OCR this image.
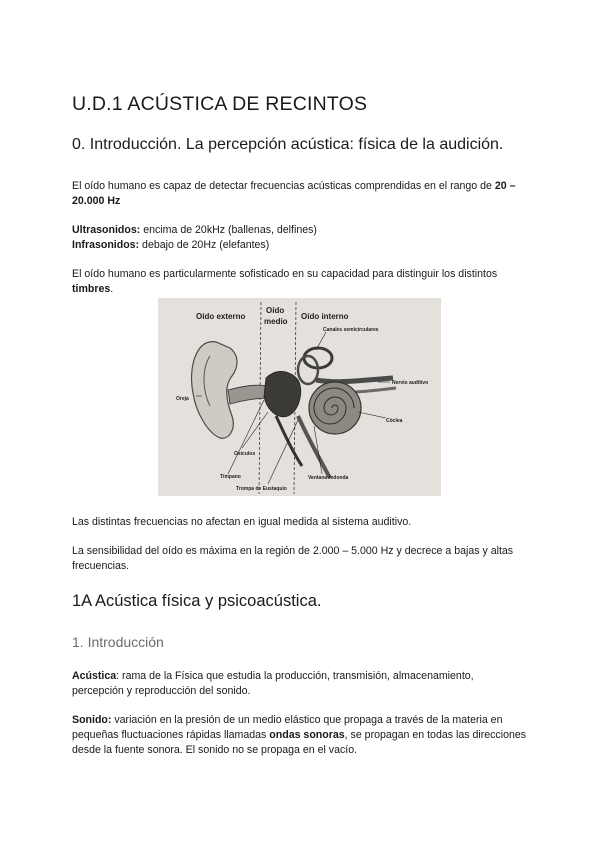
U.D.1 ACÚSTICA DE RECINTOS
0. Introducción. La percepción acústica: física de la audición.

El oído humano es capaz de detectar frecuencias acústicas comprendidas en el rango de 20 – 20.000 Hz

Ultrasonidos: encima de 20kHz (ballenas, delfines)
Infrasonidos: debajo de 20Hz (elefantes)

El oído humano es particularmente sofisticado en su capacidad para distinguir los distintos timbres.

Oído externo
Oído
medio
Oído interno
Canales semicirculares
Nervio auditivo
Oreja
Cóclea
Osículos
Tímpano	Ventana redonda
Trompa de Eustaquio

Las distintas frecuencias no afectan en igual medida al sistema auditivo.

La sensibilidad del oído es máxima en la región de 2.000 – 5.000 Hz y decrece a bajas y altas frecuencias.

1A Acústica física y psicoacústica.
1. Introducción

Acústica: rama de la Física que estudia la producción, transmisión, almacenamiento, percepción y reproducción del sonido.

Sonido: variación en la presión de un medio elástico que propaga a través de la materia en pequeñas fluctuaciones rápidas llamadas ondas sonoras, se propagan en todas las direcciones desde la fuente sonora. El sonido no se propaga en el vacío.
